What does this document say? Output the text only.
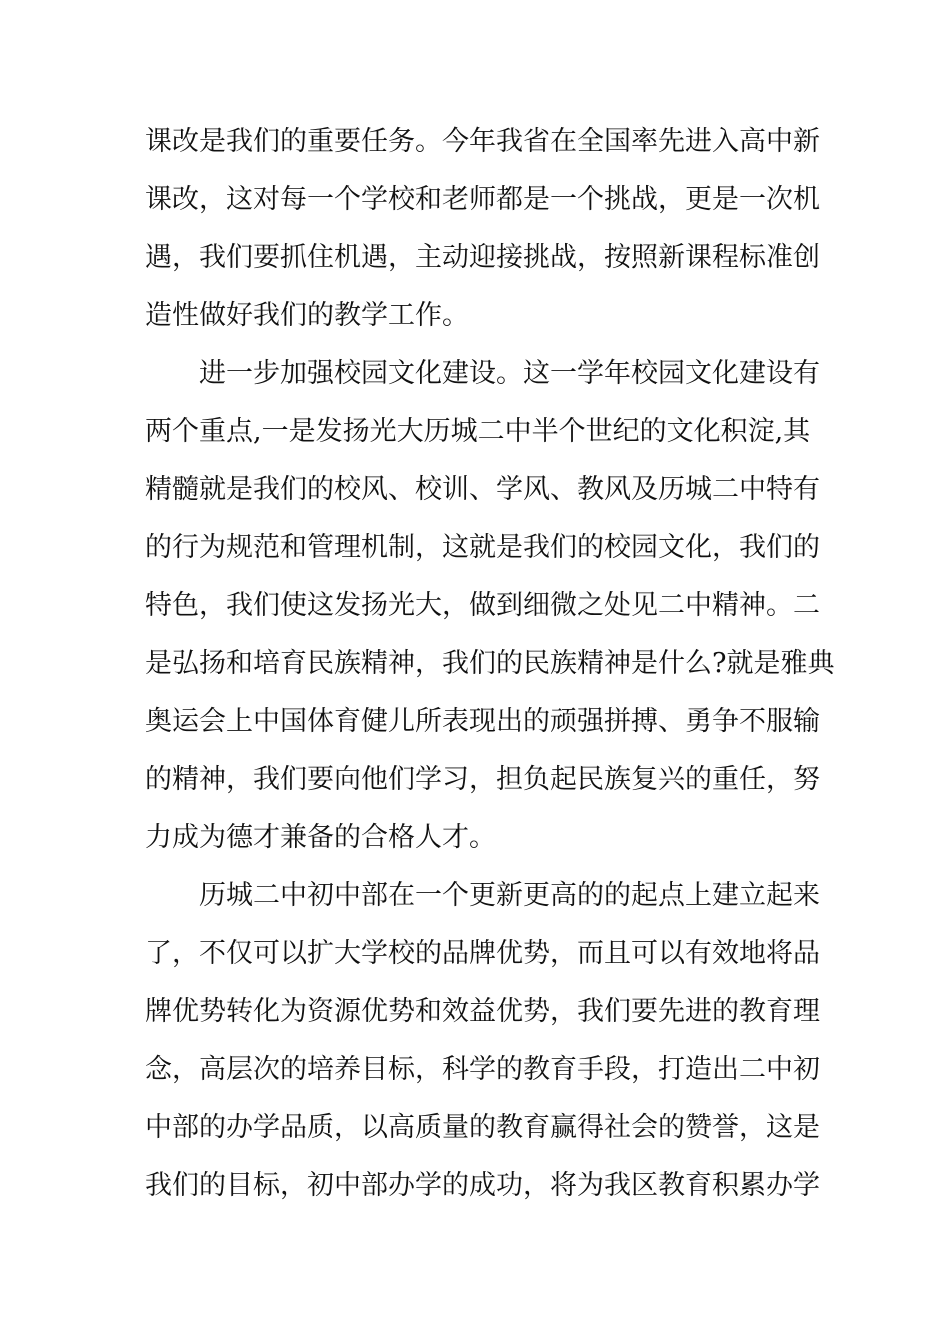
课改是我们的重要任务。今年我省在全国率先进入高中新
课改，这对每一个学校和老师都是一个挑战，更是一次机
遇，我们要抓住机遇，主动迎接挑战，按照新课程标准创
造性做好我们的教学工作。
进一步加强校园文化建设。这一学年校园文化建设有
两个重点,一是发扬光大历城二中半个世纪的文化积淀,其
精髓就是我们的校风、校训、学风、教风及历城二中特有
的行为规范和管理机制，这就是我们的校园文化，我们的
特色，我们使这发扬光大，做到细微之处见二中精神。二
是弘扬和培育民族精神，我们的民族精神是什么?就是雅典
奥运会上中国体育健儿所表现出的顽强拼搏、勇争不服输
的精神，我们要向他们学习，担负起民族复兴的重任，努
力成为德才兼备的合格人才。
历城二中初中部在一个更新更高的的起点上建立起来
了，不仅可以扩大学校的品牌优势，而且可以有效地将品
牌优势转化为资源优势和效益优势，我们要先进的教育理
念，高层次的培养目标，科学的教育手段，打造出二中初
中部的办学品质，以高质量的教育赢得社会的赞誉，这是
我们的目标，初中部办学的成功，将为我区教育积累办学
